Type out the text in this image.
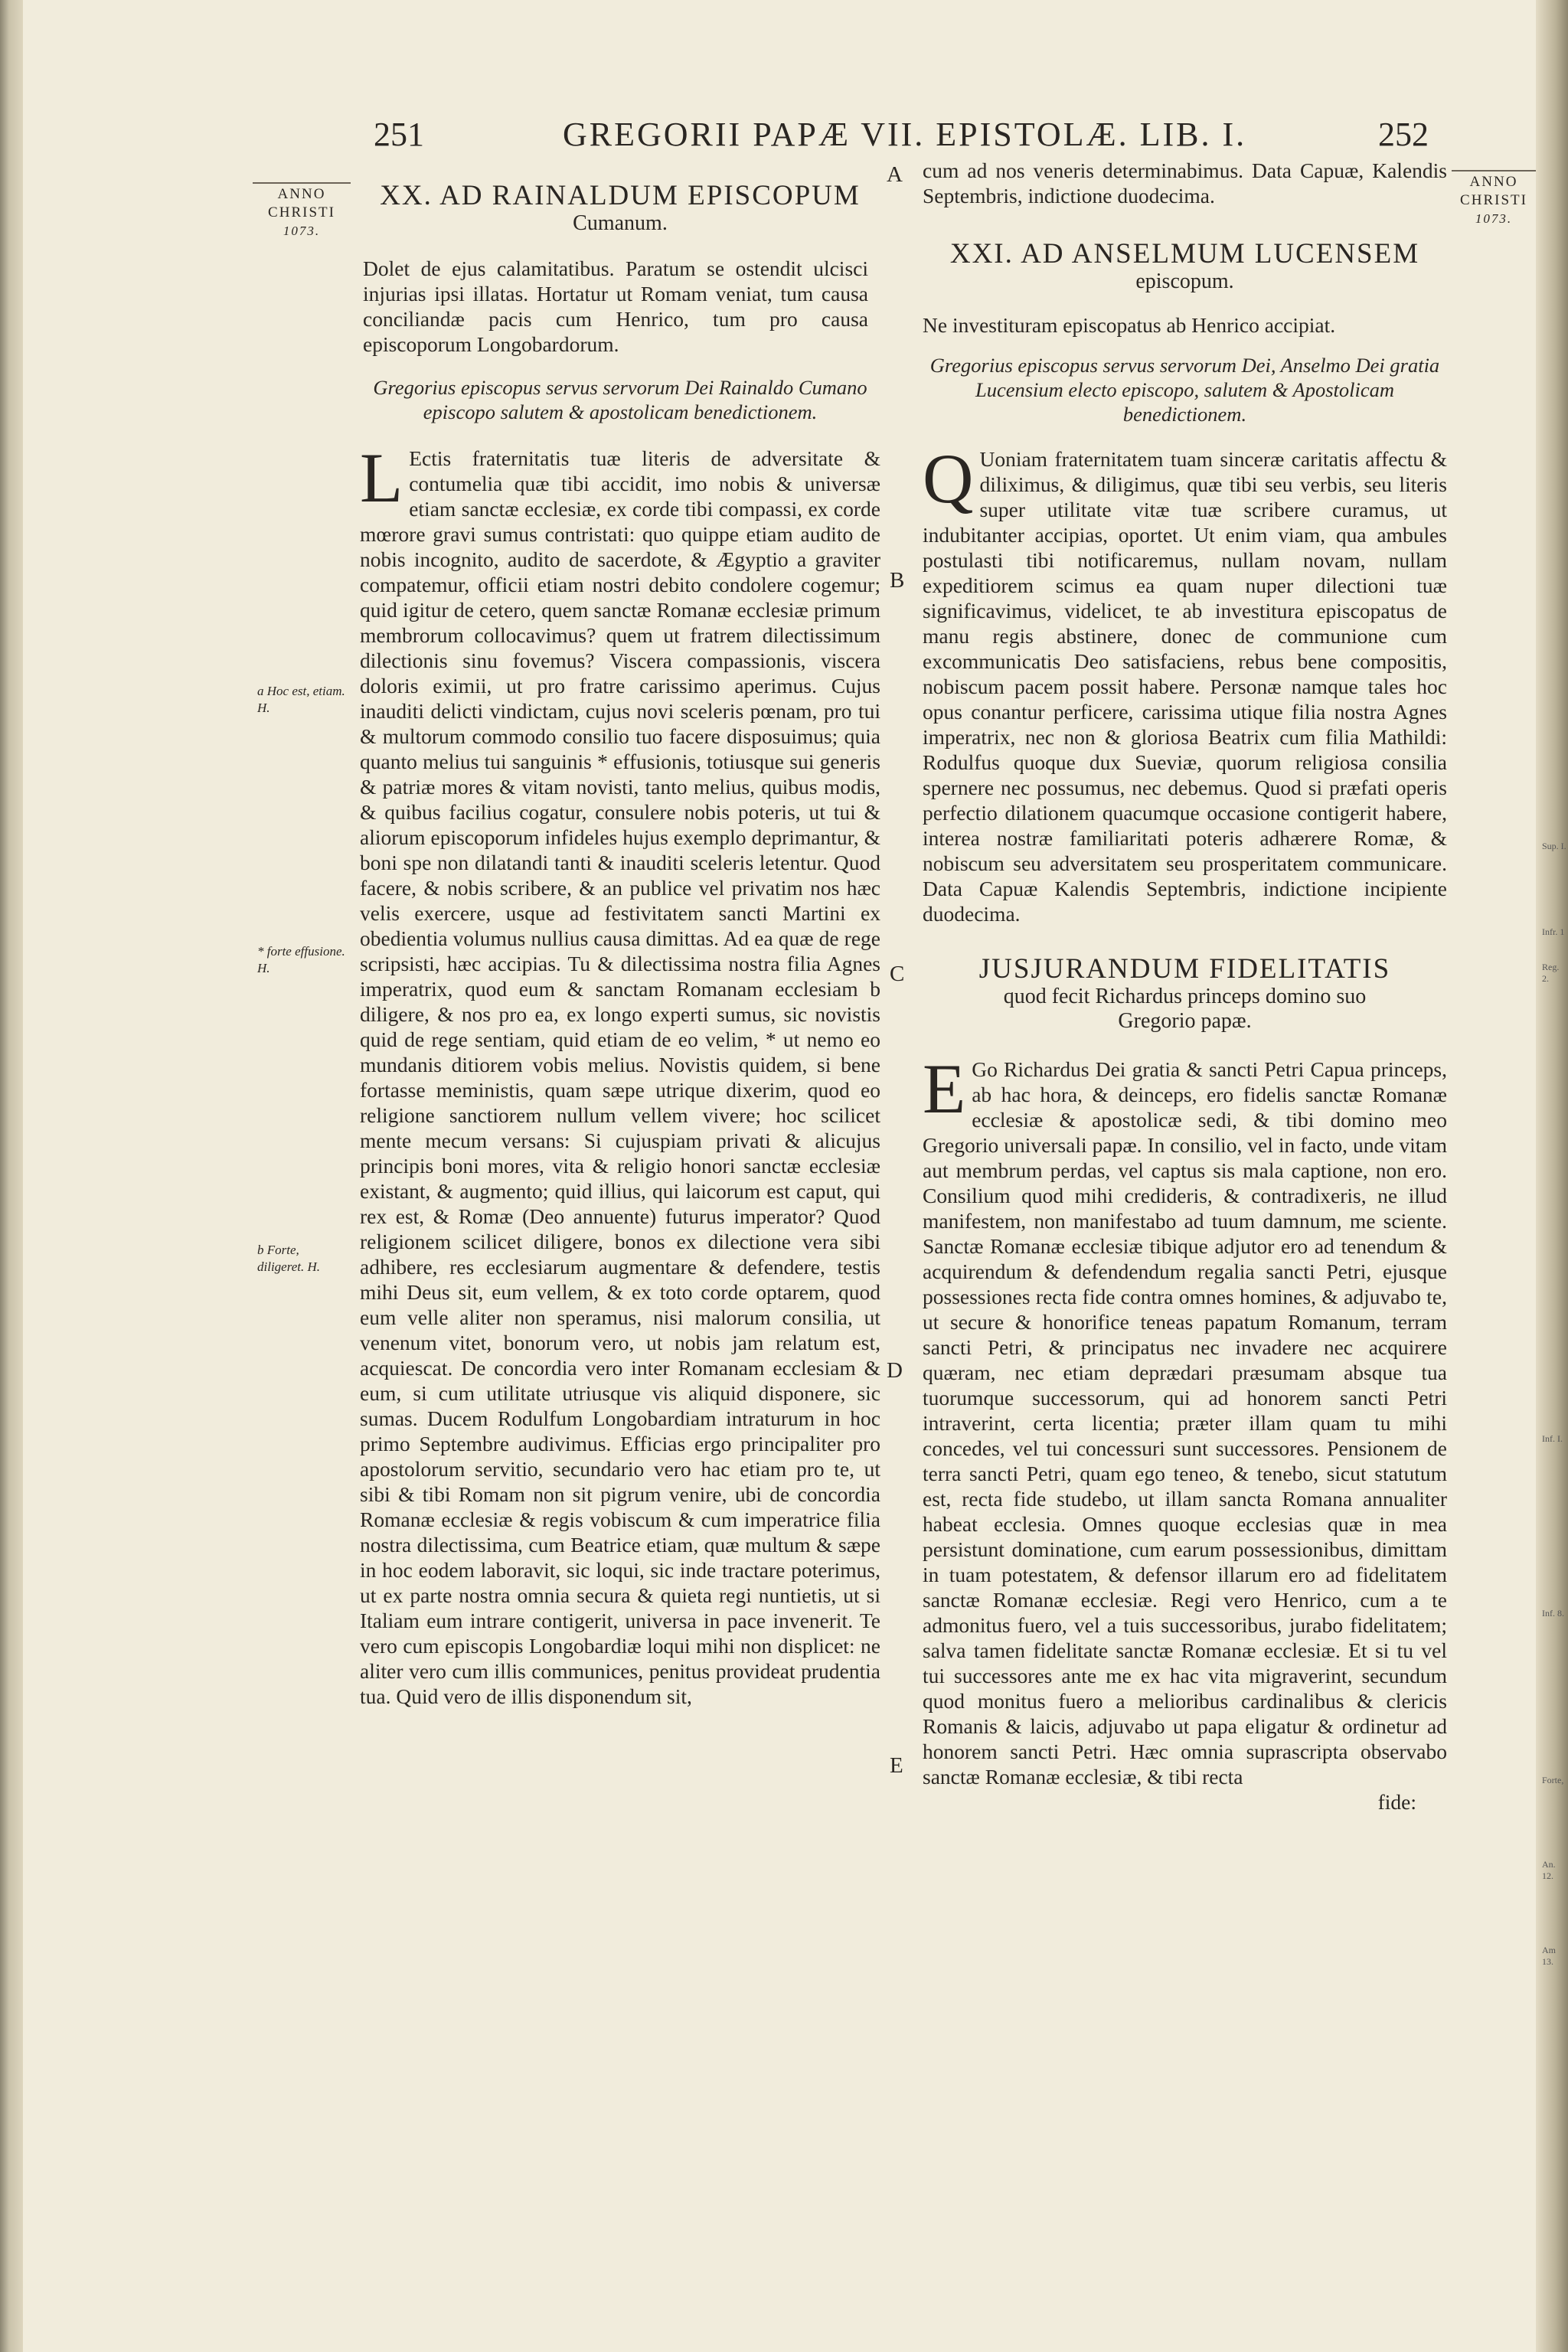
251	GREGORII PAPÆ VII. EPISTOLÆ. LIB. I.	252
ANNO
CHRISTI
1073.
ANNO
CHRISTI
1073.
A
B
C
D
E
a Hoc est, etiam. H.
* forte effusione. H.
b Forte, diligeret. H.
Sup. I.
Infr. 1
Reg. 2.
Inf. I.
Inf. 8.
Forte,
An. 12.
Am 13.
XX. AD RAINALDUM EPISCOPUM
Cumanum.
Dolet de ejus calamitatibus. Paratum se ostendit ulcisci injurias ipsi illatas. Hortatur ut Romam veniat, tum causa conciliandæ pacis cum Henrico, tum pro causa episcoporum Longobardorum.
Gregorius episcopus servus servorum Dei Rainaldo Cumano episcopo salutem & apostolicam benedictionem.
L Ectis fraternitatis tuæ literis de adversitate & contumelia quæ tibi accidit, imo nobis & universæ etiam sanctæ ecclesiæ, ex corde tibi compassi, ex corde mœrore gravi sumus contristati: quo quippe etiam audito de nobis incognito, audito de sacerdote, & Ægyptio a graviter compatemur, officii etiam nostri debito condolere cogemur; quid igitur de cetero, quem sanctæ Romanæ ecclesiæ primum membrorum collocavimus? quem ut fratrem dilectissimum dilectionis sinu fovemus? Viscera compassionis, viscera doloris eximii, ut pro fratre carissimo aperimus. Cujus inauditi delicti vindictam, cujus novi sceleris pœnam, pro tui & multorum commodo consilio tuo facere disposuimus; quia quanto melius tui sanguinis * effusionis, totiusque sui generis & patriæ mores & vitam novisti, tanto melius, quibus modis, & quibus facilius cogatur, consulere nobis poteris, ut tui & aliorum episcoporum infideles hujus exemplo deprimantur, & boni spe non dilatandi tanti & inauditi sceleris letentur. Quod facere, & nobis scribere, & an publice vel privatim nos hæc velis exercere, usque ad festivitatem sancti Martini ex obedientia volumus nullius causa dimittas. Ad ea quæ de rege scripsisti, hæc accipias. Tu & dilectissima nostra filia Agnes imperatrix, quod eum & sanctam Romanam ecclesiam b diligere, & nos pro ea, ex longo experti sumus, sic novistis quid de rege sentiam, quid etiam de eo velim, * ut nemo eo mundanis ditiorem vobis melius. Novistis quidem, si bene fortasse meministis, quam sæpe utrique dixerim, quod eo religione sanctiorem nullum vellem vivere; hoc scilicet mente mecum versans: Si cujuspiam privati & alicujus principis boni mores, vita & religio honori sanctæ ecclesiæ existant, & augmento; quid illius, qui laicorum est caput, qui rex est, & Romæ (Deo annuente) futurus imperator? Quod religionem scilicet diligere, bonos ex dilectione vera sibi adhibere, res ecclesiarum augmentare & defendere, testis mihi Deus sit, eum vellem, & ex toto corde optarem, quod eum velle aliter non speramus, nisi malorum consilia, ut venenum vitet, bonorum vero, ut nobis jam relatum est, acquiescat. De concordia vero inter Romanam ecclesiam & eum, si cum utilitate utriusque vis aliquid disponere, sic sumas. Ducem Rodulfum Longobardiam intraturum in hoc primo Septembre audivimus. Efficias ergo principaliter pro apostolorum servitio, secundario vero hac etiam pro te, ut sibi & tibi Romam non sit pigrum venire, ubi de concordia Romanæ ecclesiæ & regis vobiscum & cum imperatrice filia nostra dilectissima, cum Beatrice etiam, quæ multum & sæpe in hoc eodem laboravit, sic loqui, sic inde tractare poterimus, ut ex parte nostra omnia secura & quieta regi nuntietis, ut si Italiam eum intrare contigerit, universa in pace invenerit. Te vero cum episcopis Longobardiæ loqui mihi non displicet: ne aliter vero cum illis communices, penitus provideat prudentia tua. Quid vero de illis disponendum sit,
cum ad nos veneris determinabimus. Data Capuæ, Kalendis Septembris, indictione duodecima.
XXI. AD ANSELMUM LUCENSEM
episcopum.
Ne investituram episcopatus ab Henrico accipiat.
Gregorius episcopus servus servorum Dei, Anselmo Dei gratia Lucensium electo episcopo, salutem & Apostolicam benedictionem.
Q Uoniam fraternitatem tuam sinceræ caritatis affectu & diliximus, & diligimus, quæ tibi seu verbis, seu literis super utilitate vitæ tuæ scribere curamus, ut indubitanter accipias, oportet. Ut enim viam, qua ambules postulasti tibi notificaremus, nullam novam, nullam expeditiorem scimus ea quam nuper dilectioni tuæ significavimus, videlicet, te ab investitura episcopatus de manu regis abstinere, donec de communione cum excommunicatis Deo satisfaciens, rebus bene compositis, nobiscum pacem possit habere. Personæ namque tales hoc opus conantur perficere, carissima utique filia nostra Agnes imperatrix, nec non & gloriosa Beatrix cum filia Mathildi: Rodulfus quoque dux Sueviæ, quorum religiosa consilia spernere nec possumus, nec debemus. Quod si præfati operis perfectio dilationem quacumque occasione contigerit habere, interea nostræ familiaritati poteris adhærere Romæ, & nobiscum seu adversitatem seu prosperitatem communicare. Data Capuæ Kalendis Septembris, indictione incipiente duodecima.
JUSJURANDUM FIDELITATIS
quod fecit Richardus princeps domino suo Gregorio papæ.
E Go Richardus Dei gratia & sancti Petri Capua princeps, ab hac hora, & deinceps, ero fidelis sanctæ Romanæ ecclesiæ & apostolicæ sedi, & tibi domino meo Gregorio universali papæ. In consilio, vel in facto, unde vitam aut membrum perdas, vel captus sis mala captione, non ero. Consilium quod mihi credideris, & contradixeris, ne illud manifestem, non manifestabo ad tuum damnum, me sciente. Sanctæ Romanæ ecclesiæ tibique adjutor ero ad tenendum & acquirendum & defendendum regalia sancti Petri, ejusque possessiones recta fide contra omnes homines, & adjuvabo te, ut secure & honorifice teneas papatum Romanum, terram sancti Petri, & principatus nec invadere nec acquirere quæram, nec etiam deprædari præsumam absque tua tuorumque successorum, qui ad honorem sancti Petri intraverint, certa licentia; præter illam quam tu mihi concedes, vel tui concessuri sunt successores. Pensionem de terra sancti Petri, quam ego teneo, & tenebo, sicut statutum est, recta fide studebo, ut illam sancta Romana annualiter habeat ecclesia. Omnes quoque ecclesias quæ in mea persistunt dominatione, cum earum possessionibus, dimittam in tuam potestatem, & defensor illarum ero ad fidelitatem sanctæ Romanæ ecclesiæ. Regi vero Henrico, cum a te admonitus fuero, vel a tuis successoribus, jurabo fidelitatem; salva tamen fidelitate sanctæ Romanæ ecclesiæ. Et si tu vel tui successores ante me ex hac vita migraverint, secundum quod monitus fuero a melioribus cardinalibus & clericis Romanis & laicis, adjuvabo ut papa eligatur & ordinetur ad honorem sancti Petri. Hæc omnia suprascripta observabo sanctæ Romanæ ecclesiæ, & tibi recta
fide:
